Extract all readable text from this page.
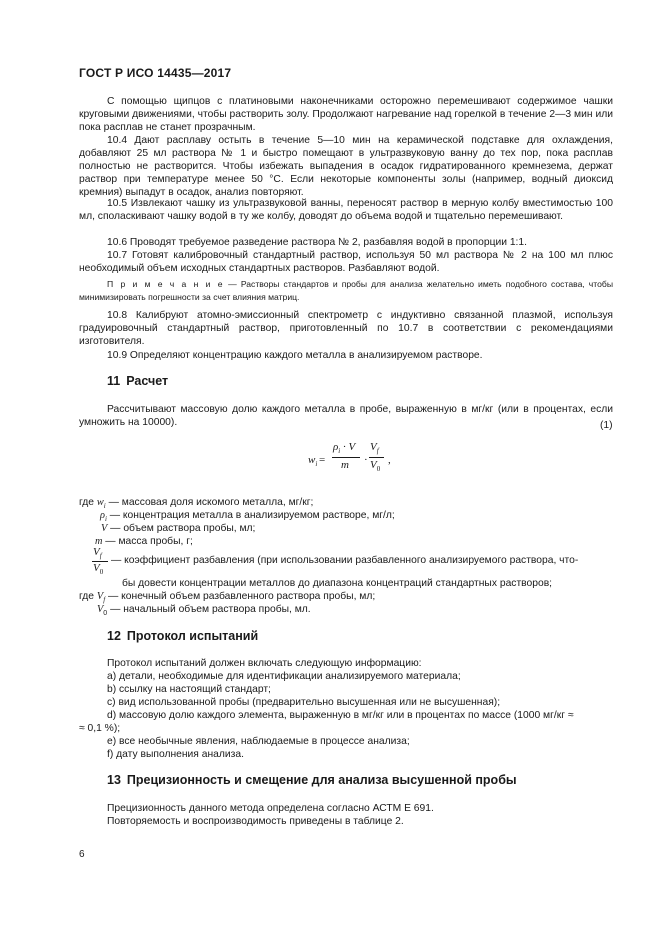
ГОСТ Р ИСО 14435—2017

С помощью щипцов с платиновыми наконечниками осторожно перемешивают содержимое чашки круговыми движениями, чтобы растворить золу. Продолжают нагревание над горелкой в течение 2—3 мин или пока расплав не станет прозрачным.

10.4 Дают расплаву остыть в течение 5—10 мин на керамической подставке для охлаждения, добавляют 25 мл раствора № 1 и быстро помещают в ультразвуковую ванну до тех пор, пока расплав полностью не растворится. Чтобы избежать выпадения в осадок гидратированного кремнезема, держат раствор при температуре менее 50 °С. Если некоторые компоненты золы (например, водный диоксид кремния) выпадут в осадок, анализ повторяют.

10.5 Извлекают чашку из ультразвуковой ванны, переносят раствор в мерную колбу вместимостью 100 мл, споласкивают чашку водой в ту же колбу, доводят до объема водой и тщательно перемешивают.

10.6 Проводят требуемое разведение раствора № 2, разбавляя водой в пропорции 1:1.

10.7 Готовят калибровочный стандартный раствор, используя 50 мл раствора № 2 на 100 мл плюс необходимый объем исходных стандартных растворов. Разбавляют водой.

П р и м е ч а н и е — Растворы стандартов и пробы для анализа желательно иметь подобного состава, чтобы минимизировать погрешности за счет влияния матриц.

10.8 Калибруют атомно-эмиссионный спектрометр с индуктивно связанной плазмой, используя градуировочный стандартный раствор, приготовленный по 10.7 в соответствии с рекомендациями изготовителя.

10.9 Определяют концентрацию каждого металла в анализируемом растворе.

11 Расчет

Рассчитывают массовую долю каждого металла в пробе, выраженную в мг/кг (или в процентах, если умножить на 10000).

$w_i$ =
$\rho_i \cdot V$
m ·
$V_f$
$V_0$
,
(1)
где $w_i$ — массовая доля искомого металла, мг/кг;
$\rho_i$ — концентрация металла в анализируемом растворе, мг/л;
V — объем раствора пробы, мл;
m — масса пробы, г;
$V_f$
$V_0$
— коэффициент разбавления (при использовании разбавленного анализируемого раствора, что-
бы довести концентрации металлов до диапазона концентраций стандартных растворов;
где $V_f$ — конечный объем разбавленного раствора пробы, мл;
$V_0$ — начальный объем раствора пробы, мл.
12 Протокол испытаний
Протокол испытаний должен включать следующую информацию:
a) детали, необходимые для идентификации анализируемого материала;
b) ссылку на настоящий стандарт;
c) вид использованной пробы (предварительно высушенная или не высушенная);
d) массовую долю каждого элемента, выраженную в мг/кг или в процентах по массе (1000 мг/кг ≈
≈ 0,1 %);
e) все необычные явления, наблюдаемые в процессе анализа;
f) дату выполнения анализа.
13 Прецизионность и смещение для анализа высушенной пробы
Прецизионность данного метода определена согласно АСТМ Е 691.
Повторяемость и воспроизводимость приведены в таблице 2.
6
